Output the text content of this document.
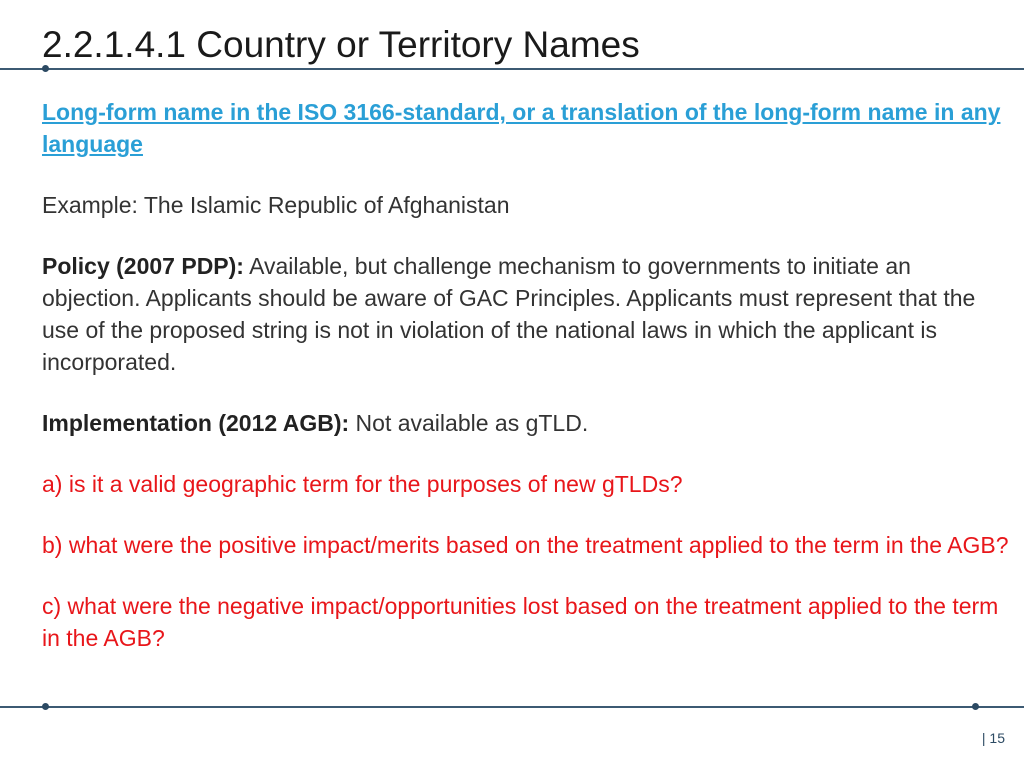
2.2.1.4.1 Country or Territory Names

Long-form name in the ISO 3166-standard, or a translation of the long-form name in any language

Example: The Islamic Republic of Afghanistan

Policy (2007 PDP): Available, but challenge mechanism to governments to initiate an objection. Applicants should be aware of GAC Principles. Applicants must represent that the use of the proposed string is not in violation of the national laws in which the applicant is incorporated.

Implementation (2012 AGB): Not available as gTLD.

a) is it a valid geographic term for the purposes of new gTLDs?

b) what were the positive impact/merits based on the treatment applied to the term in the AGB?

c) what were the negative impact/opportunities lost based on the treatment applied to the term in the AGB?

| 15
